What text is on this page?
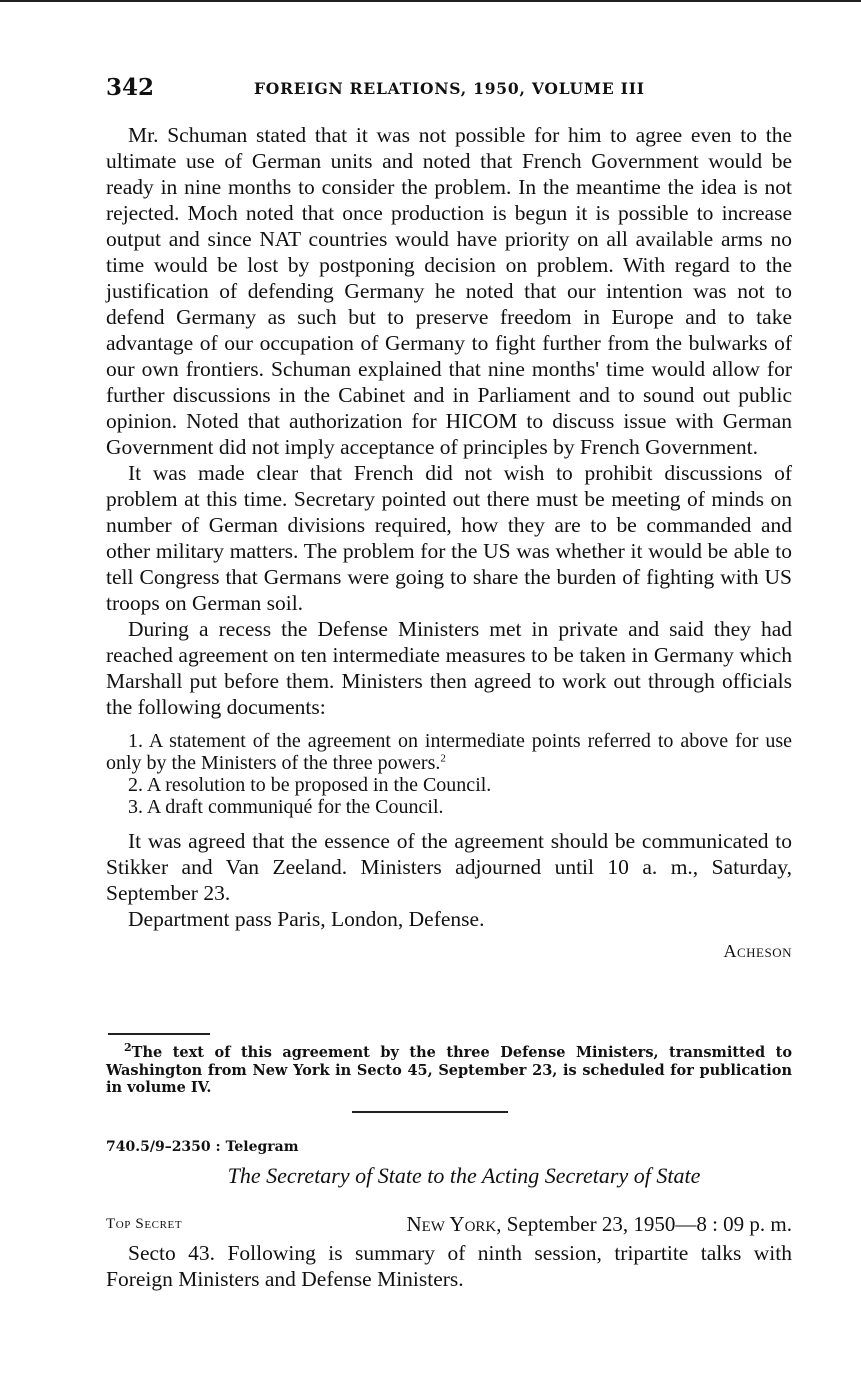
342	FOREIGN RELATIONS, 1950, VOLUME III

Mr. Schuman stated that it was not possible for him to agree even to the ultimate use of German units and noted that French Government would be ready in nine months to consider the problem. In the meantime the idea is not rejected. Moch noted that once production is begun it is possible to increase output and since NAT countries would have priority on all available arms no time would be lost by postponing decision on problem. With regard to the justification of defending Germany he noted that our intention was not to defend Germany as such but to preserve freedom in Europe and to take advantage of our occupation of Germany to fight further from the bulwarks of our own frontiers. Schuman explained that nine months' time would allow for further discussions in the Cabinet and in Parliament and to sound out public opinion. Noted that authorization for HICOM to discuss issue with German Government did not imply acceptance of principles by French Government.

It was made clear that French did not wish to prohibit discussions of problem at this time. Secretary pointed out there must be meeting of minds on number of German divisions required, how they are to be commanded and other military matters. The problem for the US was whether it would be able to tell Congress that Germans were going to share the burden of fighting with US troops on German soil.

During a recess the Defense Ministers met in private and said they had reached agreement on ten intermediate measures to be taken in Germany which Marshall put before them. Ministers then agreed to work out through officials the following documents:

1. A statement of the agreement on intermediate points referred to above for use only by the Ministers of the three powers.$^2$
2. A resolution to be proposed in the Council.
3. A draft communiqué for the Council.

It was agreed that the essence of the agreement should be communicated to Stikker and Van Zeeland. Ministers adjourned until 10 a. m., Saturday, September 23.

Department pass Paris, London, Defense.

Acheson
$^2$The text of this agreement by the three Defense Ministers, transmitted to Washington from New York in Secto 45, September 23, is scheduled for publication in volume IV.
740.5/9–2350 : Telegram
The Secretary of State to the Acting Secretary of State
Top Secret	New York, September 23, 1950—8 : 09 p. m.

Secto 43. Following is summary of ninth session, tripartite talks with Foreign Ministers and Defense Ministers.
